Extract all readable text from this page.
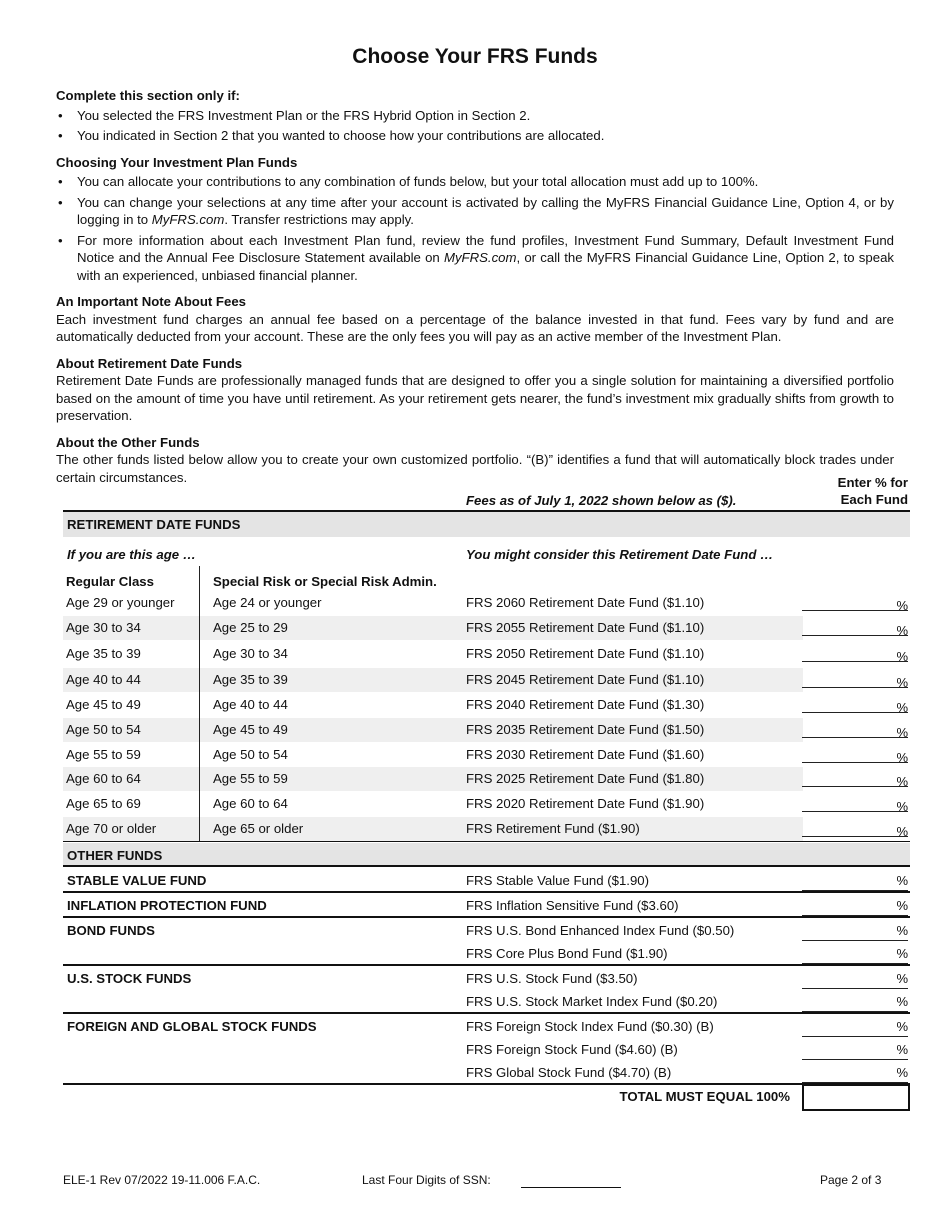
Choose Your FRS Funds

Complete this section only if:

• You selected the FRS Investment Plan or the FRS Hybrid Option in Section 2.
• You indicated in Section 2 that you wanted to choose how your contributions are allocated.

Choosing Your Investment Plan Funds

• You can allocate your contributions to any combination of funds below, but your total allocation must add up to 100%.
• You can change your selections at any time after your account is activated by calling the MyFRS Financial Guidance Line, Option 4, or by logging in to MyFRS.com. Transfer restrictions may apply.
• For more information about each Investment Plan fund, review the fund profiles, Investment Fund Summary, Default Investment Fund Notice and the Annual Fee Disclosure Statement available on MyFRS.com, or call the MyFRS Financial Guidance Line, Option 2, to speak with an experienced, unbiased financial planner.

An Important Note About Fees

Each investment fund charges an annual fee based on a percentage of the balance invested in that fund. Fees vary by fund and are automatically deducted from your account. These are the only fees you will pay as an active member of the Investment Plan.

About Retirement Date Funds

Retirement Date Funds are professionally managed funds that are designed to offer you a single solution for maintaining a diversified portfolio based on the amount of time you have until retirement. As your retirement gets nearer, the fund’s investment mix gradually shifts from growth to preservation.

About the Other Funds

The other funds listed below allow you to create your own customized portfolio. “(B)” identifies a fund that will automatically block trades under certain circumstances.	Enter % for
Each Fund
Fees as of July 1, 2022 shown below as ($).
RETIREMENT DATE FUNDS
If you are this age …	You might consider this Retirement Date Fund …
Regular Class	Special Risk or Special Risk Admin.
Age 29 or younger	Age 24 or younger	FRS 2060 Retirement Date Fund ($1.10)	%
Age 30 to 34	Age 25 to 29	FRS 2055 Retirement Date Fund ($1.10)	%
Age 35 to 39	Age 30 to 34	FRS 2050 Retirement Date Fund ($1.10)	%
Age 40 to 44	Age 35 to 39	FRS 2045 Retirement Date Fund ($1.10)	%
Age 45 to 49	Age 40 to 44	FRS 2040 Retirement Date Fund ($1.30)	%
Age 50 to 54	Age 45 to 49	FRS 2035 Retirement Date Fund ($1.50)	%
Age 55 to 59	Age 50 to 54	FRS 2030 Retirement Date Fund ($1.60)	%
Age 60 to 64	Age 55 to 59	FRS 2025 Retirement Date Fund ($1.80)	%
Age 65 to 69	Age 60 to 64	FRS 2020 Retirement Date Fund ($1.90)	%
Age 70 or older	Age 65 or older	FRS Retirement Fund ($1.90)	%
OTHER FUNDS
STABLE VALUE FUND	FRS Stable Value Fund ($1.90)	%
INFLATION PROTECTION FUND	FRS Inflation Sensitive Fund ($3.60)	%
BOND FUNDS	FRS U.S. Bond Enhanced Index Fund ($0.50)	%
FRS Core Plus Bond Fund ($1.90)	%
U.S. STOCK FUNDS	FRS U.S. Stock Fund ($3.50)	%
FRS U.S. Stock Market Index Fund ($0.20)	%
FOREIGN AND GLOBAL STOCK FUNDS	FRS Foreign Stock Index Fund ($0.30) (B)	%
FRS Foreign Stock Fund ($4.60) (B)	%
FRS Global Stock Fund ($4.70) (B)	%
TOTAL MUST EQUAL 100%
ELE-1 Rev 07/2022 19-11.006 F.A.C.	Last Four Digits of SSN:	Page 2 of 3
